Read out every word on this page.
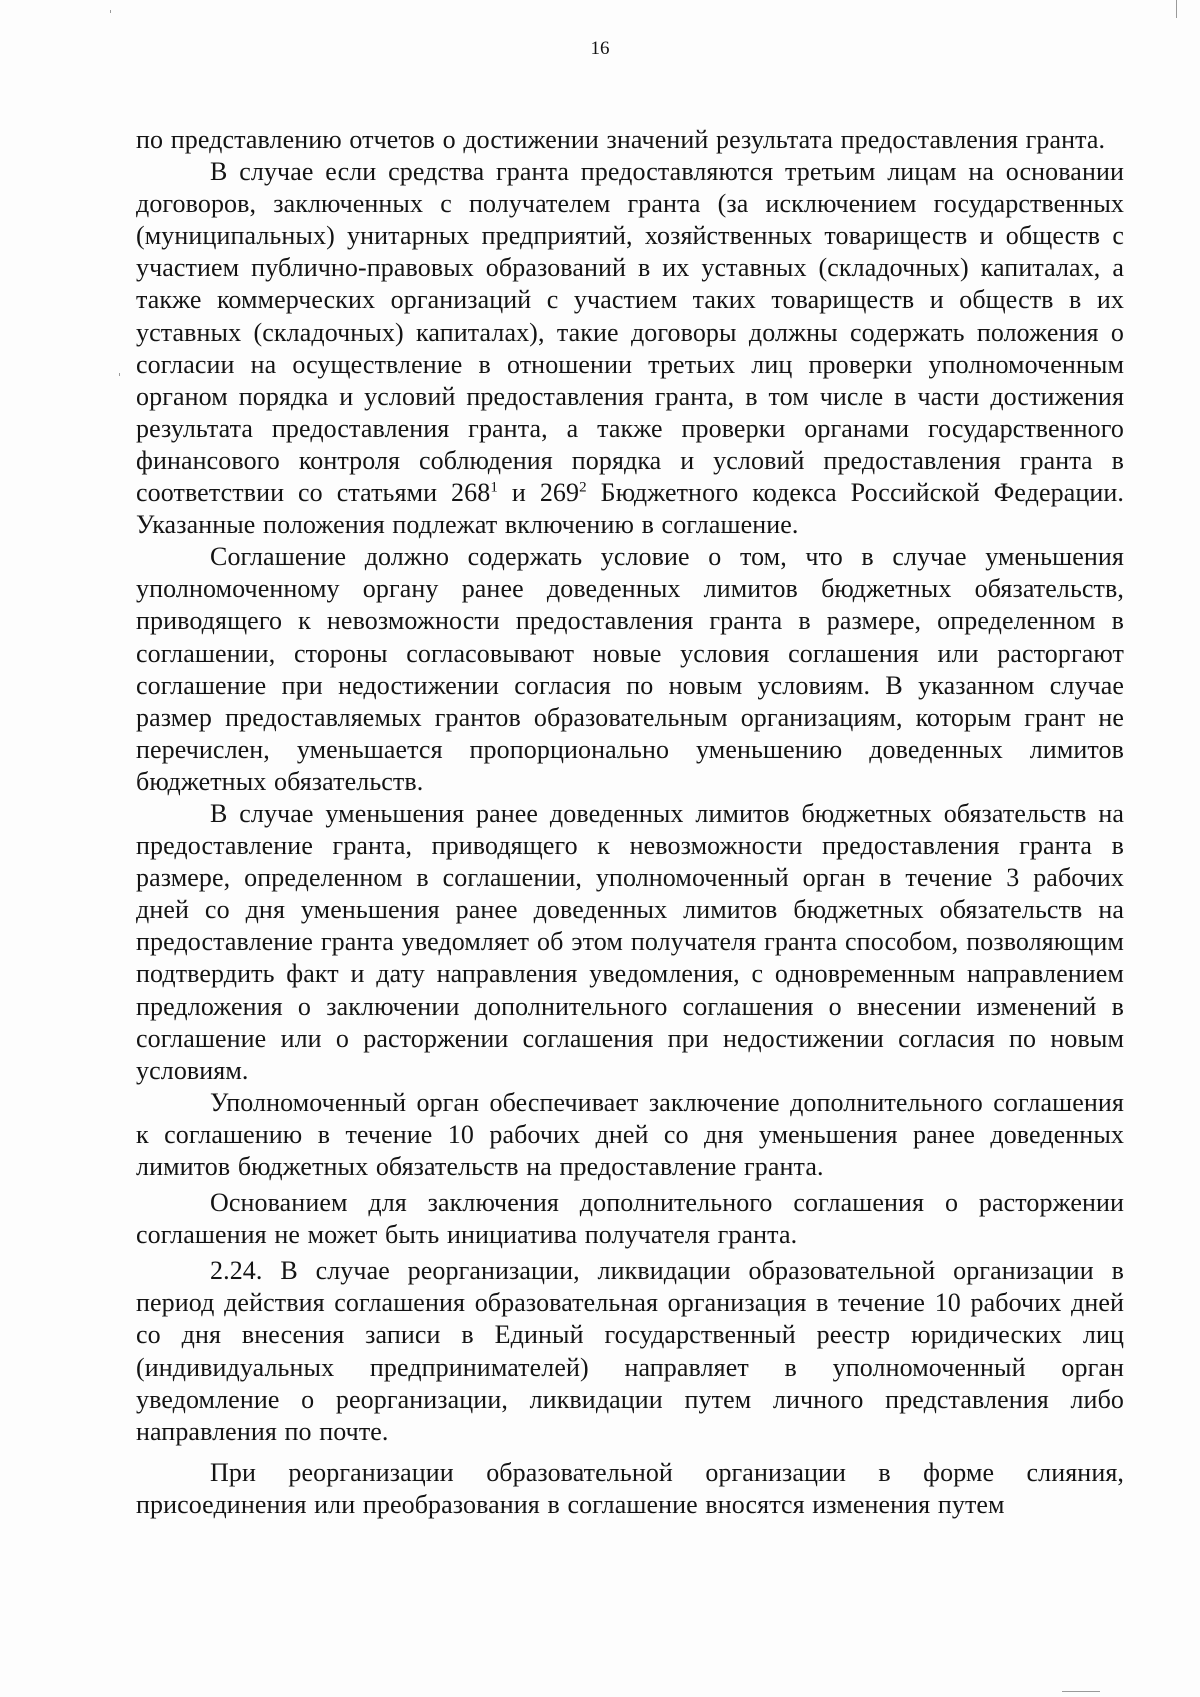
16

по представлению отчетов о достижении значений результата предоставления гранта.

В случае если средства гранта предоставляются третьим лицам на основании договоров, заключенных с получателем гранта (за исключением государственных (муниципальных) унитарных предприятий, хозяйственных товариществ и обществ с участием публично-правовых образований в их уставных (складочных) капиталах, а также коммерческих организаций с участием таких товариществ и обществ в их уставных (складочных) капиталах), такие договоры должны содержать положения о согласии на осуществление в отношении третьих лиц проверки уполномоченным органом порядка и условий предоставления гранта, в том числе в части достижения результата предоставления гранта, а также проверки органами государственного финансового контроля соблюдения порядка и условий предоставления гранта в соответствии со статьями $268^1$ и $269^2$ Бюджетного кодекса Российской Федерации. Указанные положения подлежат включению в соглашение.

Соглашение должно содержать условие о том, что в случае уменьшения уполномоченному органу ранее доведенных лимитов бюджетных обязательств, приводящего к невозможности предоставления гранта в размере, определенном в соглашении, стороны согласовывают новые условия соглашения или расторгают соглашение при недостижении согласия по новым условиям. В указанном случае размер предоставляемых грантов образовательным организациям, которым грант не перечислен, уменьшается пропорционально уменьшению доведенных лимитов бюджетных обязательств.

В случае уменьшения ранее доведенных лимитов бюджетных обязательств на предоставление гранта, приводящего к невозможности предоставления гранта в размере, определенном в соглашении, уполномоченный орган в течение 3 рабочих дней со дня уменьшения ранее доведенных лимитов бюджетных обязательств на предоставление гранта уведомляет об этом получателя гранта способом, позволяющим подтвердить факт и дату направления уведомления, с одновременным направлением предложения о заключении дополнительного соглашения о внесении изменений в соглашение или о расторжении соглашения при недостижении согласия по новым условиям.

Уполномоченный орган обеспечивает заключение дополнительного соглашения к соглашению в течение 10 рабочих дней со дня уменьшения ранее доведенных лимитов бюджетных обязательств на предоставление гранта.

Основанием для заключения дополнительного соглашения о расторжении соглашения не может быть инициатива получателя гранта.

2.24. В случае реорганизации, ликвидации образовательной организации в период действия соглашения образовательная организация в течение 10 рабочих дней со дня внесения записи в Единый государственный реестр юридических лиц (индивидуальных предпринимателей) направляет в уполномоченный орган уведомление о реорганизации, ликвидации путем личного представления либо направления по почте.

При реорганизации образовательной организации в форме слияния, присоединения или преобразования в соглашение вносятся изменения путем
